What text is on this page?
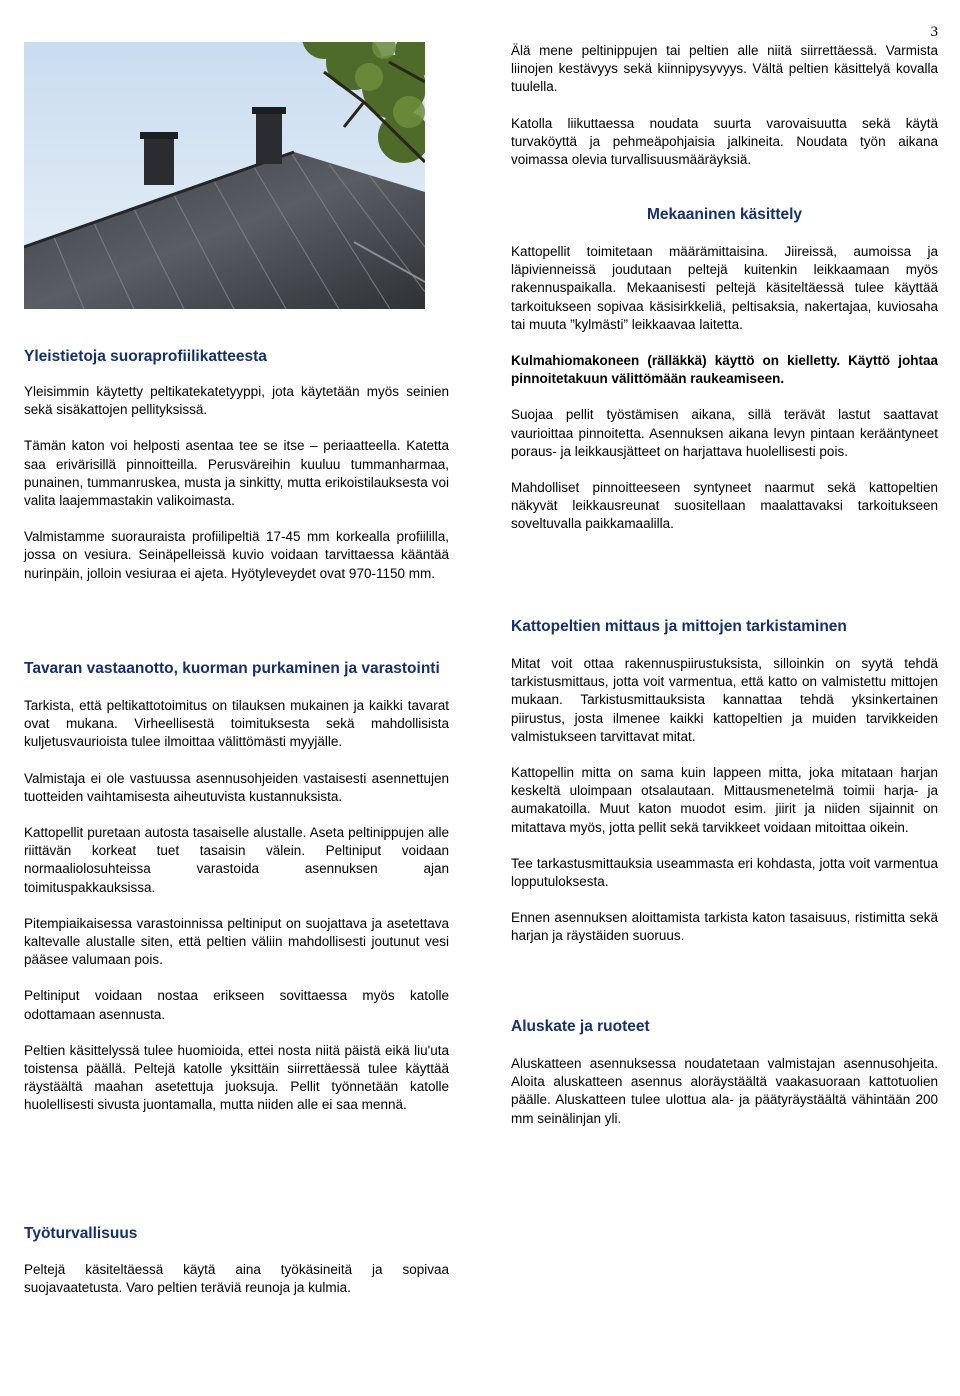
3
Yleistietoja suoraprofiilikatteesta

Yleisimmin käytetty peltikatekatetyyppi, jota käytetään myös seinien sekä sisäkattojen pellityksissä.

Tämän katon voi helposti asentaa tee se itse – periaatteella. Katetta saa erivärisillä pinnoitteilla. Perusväreihin kuuluu tummanharmaa, punainen, tummanruskea, musta ja sinkitty, mutta erikoistilauksesta voi valita laajemmastakin valikoimasta.

Valmistamme suorauraista profiilipeltiä 17-45 mm korkealla profiililla, jossa on vesiura. Seinäpelleissä kuvio voidaan tarvittaessa kääntää nurinpäin, jolloin vesiuraa ei ajeta. Hyötyleveydet ovat 970-1150 mm.

Tavaran vastaanotto, kuorman purkaminen ja varastointi

Tarkista, että peltikattotoimitus on tilauksen mukainen ja kaikki tavarat ovat mukana. Virheellisestä toimituksesta sekä mahdollisista kuljetusvaurioista tulee ilmoittaa välittömästi myyjälle.

Valmistaja ei ole vastuussa asennusohjeiden vastaisesti asennettujen tuotteiden vaihtamisesta aiheutuvista kustannuksista.

Kattopellit puretaan autosta tasaiselle alustalle. Aseta peltinippujen alle riittävän korkeat tuet tasaisin välein. Peltiniput voidaan normaaliolosuhteissa varastoida asennuksen ajan toimituspakkauksissa.

Pitempiaikaisessa varastoinnissa peltiniput on suojattava ja asetettava kaltevalle alustalle siten, että peltien väliin mahdollisesti joutunut vesi pääsee valumaan pois.

Peltiniput voidaan nostaa erikseen sovittaessa myös katolle odottamaan asennusta.

Peltien käsittelyssä tulee huomioida, ettei nosta niitä päistä eikä liu'uta toistensa päällä. Peltejä katolle yksittäin siirrettäessä tulee käyttää räystäältä maahan asetettuja juoksuja. Pellit työnnetään katolle huolellisesti sivusta juontamalla, mutta niiden alle ei saa mennä.

Työturvallisuus

Peltejä käsiteltäessä käytä aina työkäsineitä ja sopivaa suojavaatetusta. Varo peltien teräviä reunoja ja kulmia.

Älä mene peltinippujen tai peltien alle niitä siirrettäessä. Varmista liinojen kestävyys sekä kiinnipysyvyys. Vältä peltien käsittelyä kovalla tuulella.

Katolla liikuttaessa noudata suurta varovaisuutta sekä käytä turvaköyttä ja pehmeäpohjaisia jalkineita. Noudata työn aikana voimassa olevia turvallisuusmääräyksiä.

Mekaaninen käsittely

Kattopellit toimitetaan määrämittaisina. Jiireissä, aumoissa ja läpivienneissä joudutaan peltejä kuitenkin leikkaamaan myös rakennuspaikalla. Mekaanisesti peltejä käsiteltäessä tulee käyttää tarkoitukseen sopivaa käsisirkkeliä, peltisaksia, nakertajaa, kuviosaha tai muuta ”kylmästi” leikkaavaa laitetta.

Kulmahiomakoneen (rälläkkä) käyttö on kielletty. Käyttö johtaa pinnoitetakuun välittömään raukeamiseen.

Suojaa pellit työstämisen aikana, sillä terävät lastut saattavat vaurioittaa pinnoitetta. Asennuksen aikana levyn pintaan kerääntyneet poraus- ja leikkausjätteet on harjattava huolellisesti pois.

Mahdolliset pinnoitteeseen syntyneet naarmut sekä kattopeltien näkyvät leikkausreunat suositellaan maalattavaksi tarkoitukseen soveltuvalla paikkamaalilla.

Kattopeltien mittaus ja mittojen tarkistaminen

Mitat voit ottaa rakennuspiirustuksista, silloinkin on syytä tehdä tarkistusmittaus, jotta voit varmentua, että katto on valmistettu mittojen mukaan. Tarkistusmittauksista kannattaa tehdä yksinkertainen piirustus, josta ilmenee kaikki kattopeltien ja muiden tarvikkeiden valmistukseen tarvittavat mitat.

Kattopellin mitta on sama kuin lappeen mitta, joka mitataan harjan keskeltä uloimpaan otsalautaan. Mittausmenetelmä toimii harja- ja aumakatoilla. Muut katon muodot esim. jiirit ja niiden sijainnit on mitattava myös, jotta pellit sekä tarvikkeet voidaan mitoittaa oikein.

Tee tarkastusmittauksia useammasta eri kohdasta, jotta voit varmentua lopputuloksesta.

Ennen asennuksen aloittamista tarkista katon tasaisuus, ristimitta sekä harjan ja räystäiden suoruus.

Aluskate ja ruoteet

Aluskatteen asennuksessa noudatetaan valmistajan asennusohjeita. Aloita aluskatteen asennus aloräystäältä vaakasuoraan kattotuolien päälle. Aluskatteen tulee ulottua ala- ja päätyräystäältä vähintään 200 mm seinälinjan yli.
